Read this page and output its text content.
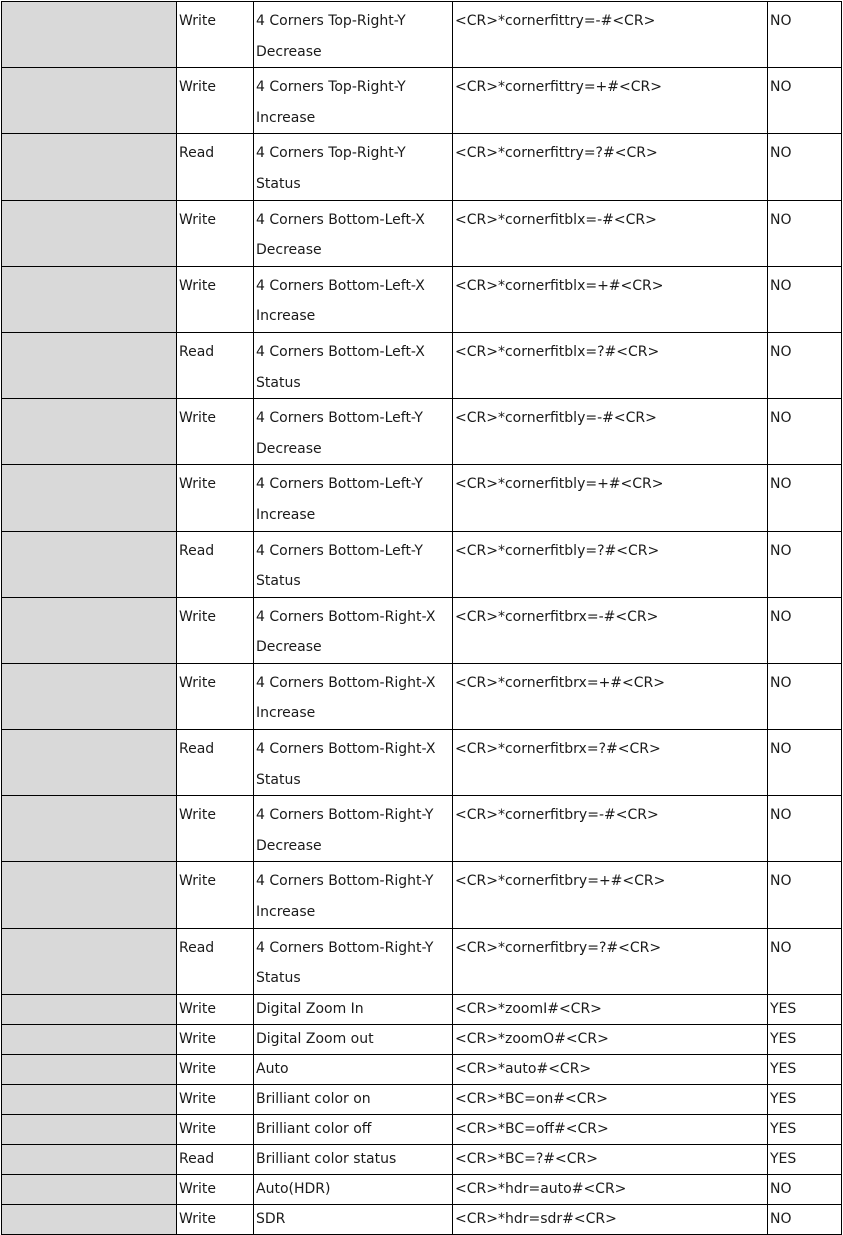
	Write	4 Corners Top-Right-Y Decrease	<CR>*cornerfittry=-#<CR>	NO
	Write	4 Corners Top-Right-Y Increase	<CR>*cornerfittry=+#<CR>	NO
	Read	4 Corners Top-Right-Y Status	<CR>*cornerfittry=?#<CR>	NO
	Write	4 Corners Bottom-Left-X Decrease	<CR>*cornerfitblx=-#<CR>	NO
	Write	4 Corners Bottom-Left-X Increase	<CR>*cornerfitblx=+#<CR>	NO
	Read	4 Corners Bottom-Left-X Status	<CR>*cornerfitblx=?#<CR>	NO
	Write	4 Corners Bottom-Left-Y Decrease	<CR>*cornerfitbly=-#<CR>	NO
	Write	4 Corners Bottom-Left-Y Increase	<CR>*cornerfitbly=+#<CR>	NO
	Read	4 Corners Bottom-Left-Y Status	<CR>*cornerfitbly=?#<CR>	NO
	Write	4 Corners Bottom-Right-X Decrease	<CR>*cornerfitbrx=-#<CR>	NO
	Write	4 Corners Bottom-Right-X Increase	<CR>*cornerfitbrx=+#<CR>	NO
	Read	4 Corners Bottom-Right-X Status	<CR>*cornerfitbrx=?#<CR>	NO
	Write	4 Corners Bottom-Right-Y Decrease	<CR>*cornerfitbry=-#<CR>	NO
	Write	4 Corners Bottom-Right-Y Increase	<CR>*cornerfitbry=+#<CR>	NO
	Read	4 Corners Bottom-Right-Y Status	<CR>*cornerfitbry=?#<CR>	NO
	Write	Digital Zoom In	<CR>*zoomI#<CR>	YES
	Write	Digital Zoom out	<CR>*zoomO#<CR>	YES
	Write	Auto	<CR>*auto#<CR>	YES
	Write	Brilliant color on	<CR>*BC=on#<CR>	YES
	Write	Brilliant color off	<CR>*BC=off#<CR>	YES
	Read	Brilliant color status	<CR>*BC=?#<CR>	YES
	Write	Auto(HDR)	<CR>*hdr=auto#<CR>	NO
	Write	SDR	<CR>*hdr=sdr#<CR>	NO
